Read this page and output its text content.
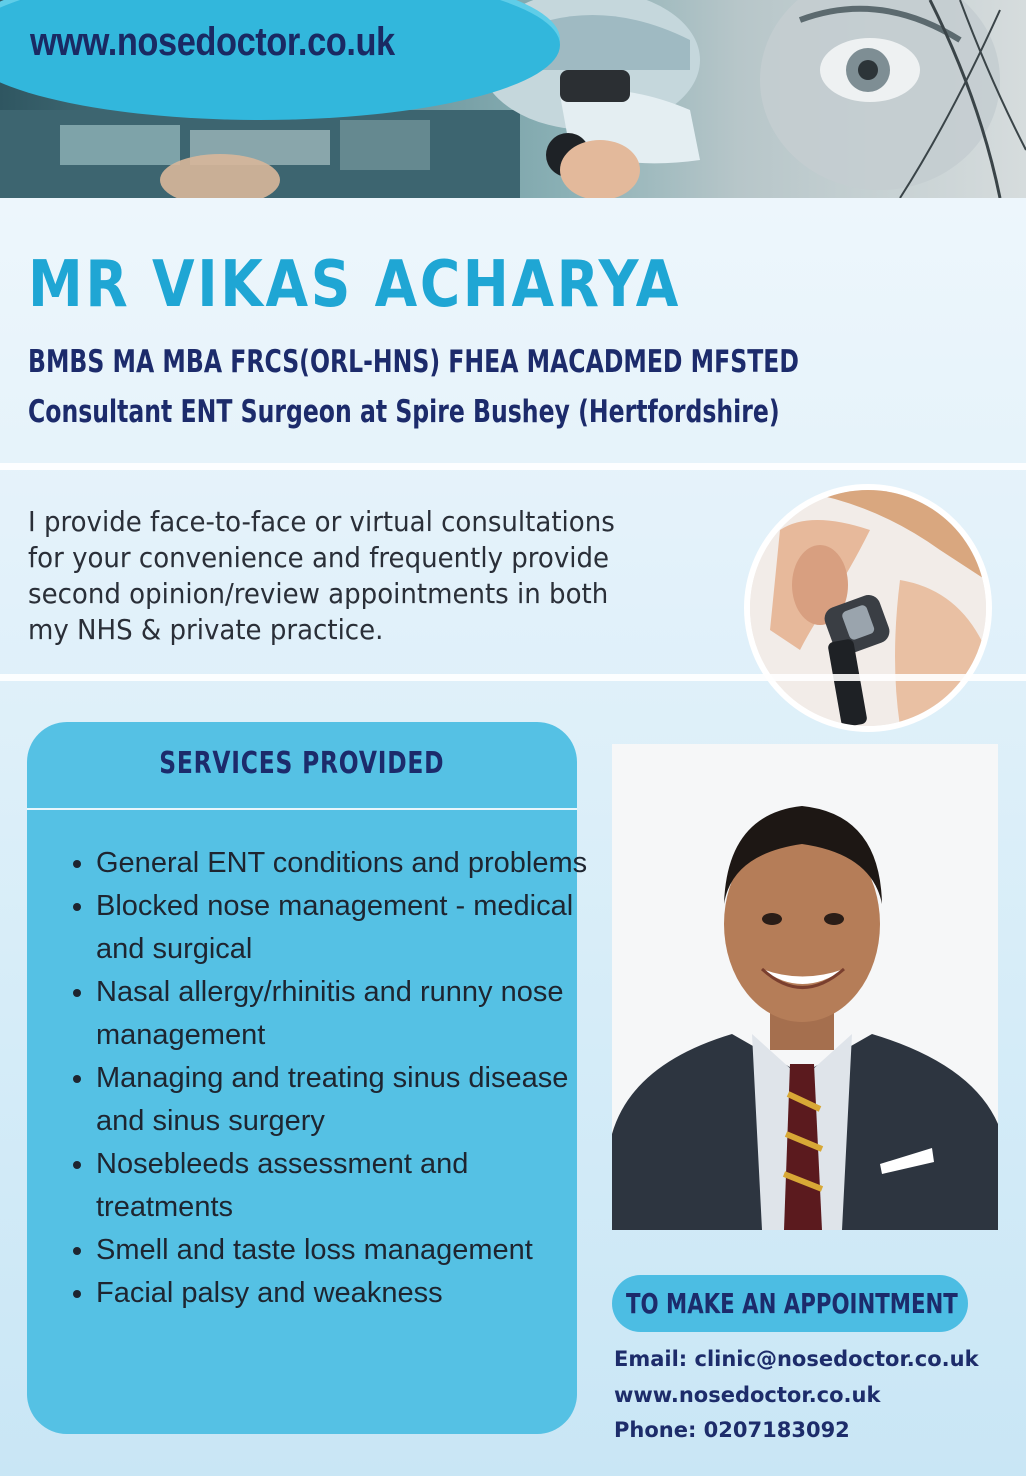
www.nosedoctor.co.uk
MR VIKAS ACHARYA

BMBS MA MBA FRCS(ORL-HNS) FHEA MACADMED MFSTED

Consultant ENT Surgeon at Spire Bushey (Hertfordshire)

I provide face-to-face or virtual consultations
for your convenience and frequently provide
second opinion/review appointments in both
my NHS & private practice.

SERVICES PROVIDED
• General ENT conditions and problems
• Blocked nose management - medical and surgical
• Nasal allergy/rhinitis and runny nose management
• Managing and treating sinus disease and sinus surgery
• Nosebleeds assessment and treatments
• Smell and taste loss management
• Facial palsy and weakness	TO MAKE AN APPOINTMENT
Email: clinic@nosedoctor.co.uk
www.nosedoctor.co.uk
Phone: 0207183092
